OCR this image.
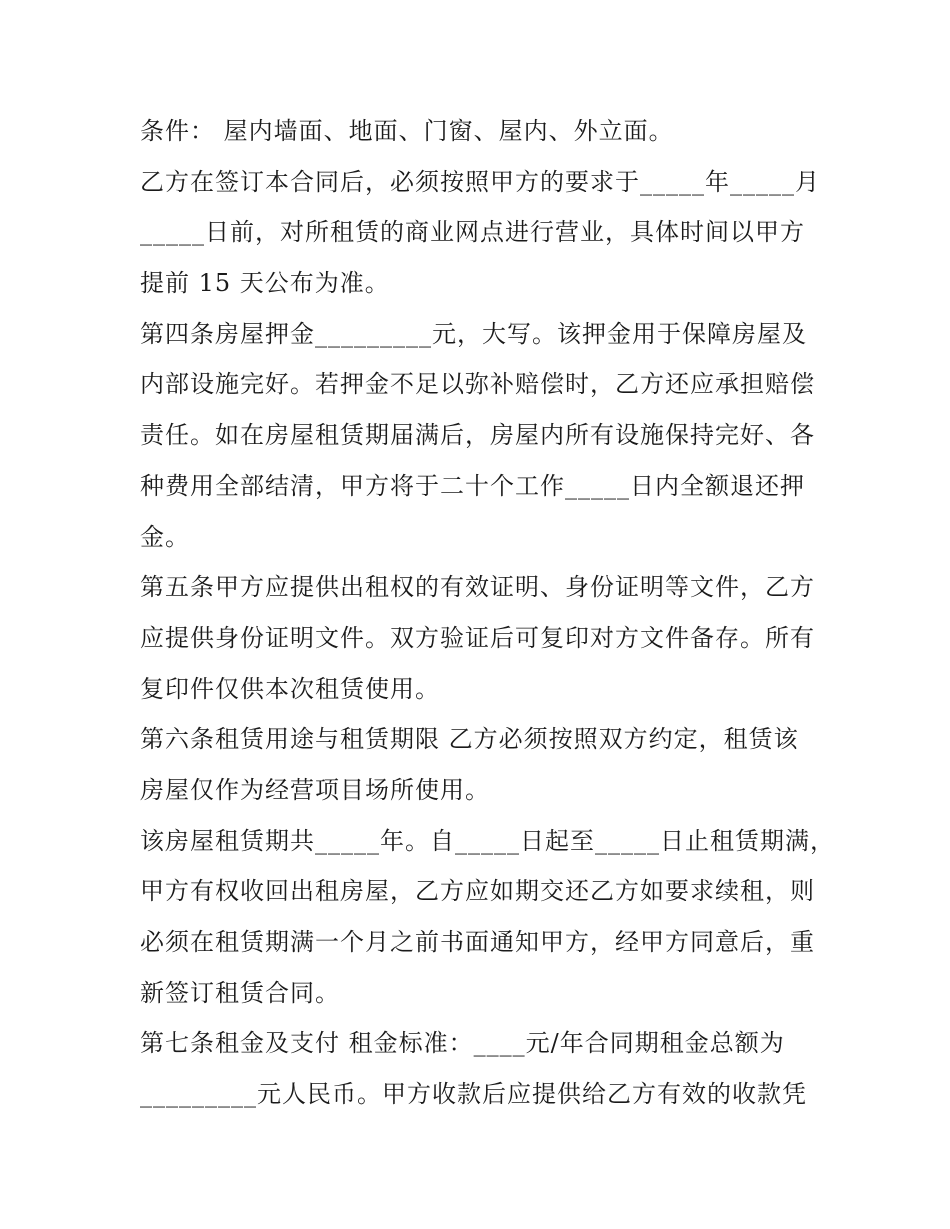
条件： 屋内墙面、地面、门窗、屋内、外立面。
乙方在签订本合同后，必须按照甲方的要求于_____年_____月
_____日前，对所租赁的商业网点进行营业，具体时间以甲方
提前 15 天公布为准。
第四条房屋押金_________元，大写。该押金用于保障房屋及
内部设施完好。若押金不足以弥补赔偿时，乙方还应承担赔偿
责任。如在房屋租赁期届满后，房屋内所有设施保持完好、各
种费用全部结清，甲方将于二十个工作_____日内全额退还押
金。
第五条甲方应提供出租权的有效证明、身份证明等文件，乙方
应提供身份证明文件。双方验证后可复印对方文件备存。所有
复印件仅供本次租赁使用。
第六条租赁用途与租赁期限 乙方必须按照双方约定，租赁该
房屋仅作为经营项目场所使用。
该房屋租赁期共_____年。自_____日起至_____日止租赁期满，
甲方有权收回出租房屋，乙方应如期交还乙方如要求续租，则
必须在租赁期满一个月之前书面通知甲方，经甲方同意后，重
新签订租赁合同。
第七条租金及支付 租金标准：____元/年合同期租金总额为
_________元人民币。甲方收款后应提供给乙方有效的收款凭
